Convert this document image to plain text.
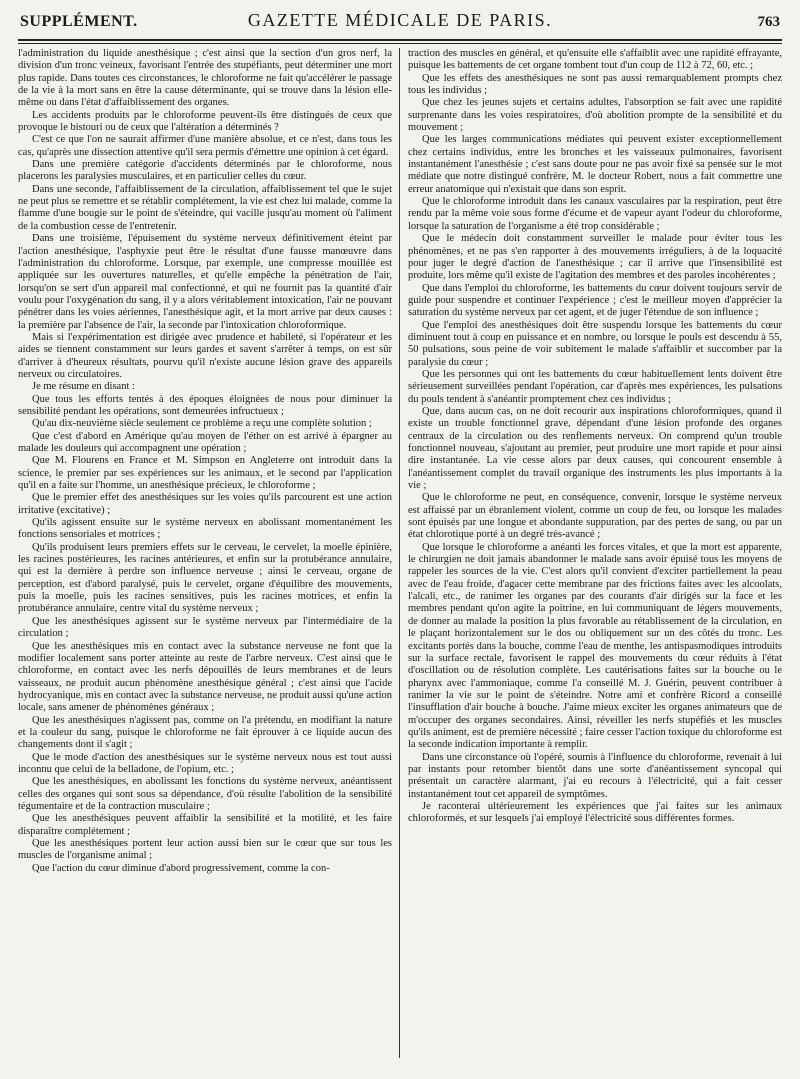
SUPPLÉMENT.	GAZETTE MÉDICALE DE PARIS.	763

l'administration du liquide anesthésique ; c'est ainsi que la section d'un gros nerf, la division d'un tronc veineux, favorisant l'entrée des stupéfiants, peut déterminer une mort plus rapide. Dans toutes ces circonstances, le chloroforme ne fait qu'accélérer le passage de la vie à la mort sans en être la cause déterminante, qui se trouve dans la lésion elle-même ou dans l'état d'affaiblissement des organes.

Les accidents produits par le chloroforme peuvent-ils être distingués de ceux que provoque le bistouri ou de ceux que l'altération a déterminés ?

C'est ce que l'on ne saurait affirmer d'une manière absolue, et ce n'est, dans tous les cas, qu'après une dissection attentive qu'il sera permis d'émettre une opinion à cet égard.

Dans une première catégorie d'accidents déterminés par le chloroforme, nous placerons les paralysies musculaires, et en particulier celles du cœur.

Dans une seconde, l'affaiblissement de la circulation, affaiblissement tel que le sujet ne peut plus se remettre et se rétablir complétement, la vie est chez lui malade, comme la flamme d'une bougie sur le point de s'éteindre, qui vacille jusqu'au moment où l'aliment de la combustion cesse de l'entretenir.

Dans une troisième, l'épuisement du système nerveux définitivement éteint par l'action anesthésique, l'asphyxie peut être le résultat d'une fausse manœuvre dans l'administration du chloroforme. Lorsque, par exemple, une compresse mouillée est appliquée sur les ouvertures naturelles, et qu'elle empêche la pénétration de l'air, lorsqu'on se sert d'un appareil mal confectionné, et qui ne fournit pas la quantité d'air voulu pour l'oxygénation du sang, il y a alors véritablement intoxication, l'air ne pouvant pénétrer dans les voies aériennes, l'anesthésique agit, et la mort arrive par deux causes : la première par l'absence de l'air, la seconde par l'intoxication chloroformique.

Mais si l'expérimentation est dirigée avec prudence et habileté, si l'opérateur et les aides se tiennent constamment sur leurs gardes et savent s'arrêter à temps, on est sûr d'arriver à d'heureux résultats, pourvu qu'il n'existe aucune lésion grave des appareils nerveux ou circulatoires.

Je me résume en disant :

Que tous les efforts tentés à des époques éloignées de nous pour diminuer la sensibilité pendant les opérations, sont demeurées infructueux ;

Qu'au dix-neuvième siècle seulement ce problème a reçu une complète solution ;

Que c'est d'abord en Amérique qu'au moyen de l'éther on est arrivé à épargner au malade les douleurs qui accompagnent une opération ;

Que M. Flourens en France et M. Simpson en Angleterre ont introduit dans la science, le premier par ses expériences sur les animaux, et le second par l'application qu'il en a faite sur l'homme, un anesthésique précieux, le chloroforme ;

Que le premier effet des anesthésiques sur les voies qu'ils parcourent est une action irritative (excitative) ;

Qu'ils agissent ensuite sur le système nerveux en abolissant momentanément les fonctions sensoriales et motrices ;

Qu'ils produisent leurs premiers effets sur le cerveau, le cervelet, la moelle épinière, les racines postérieures, les racines antérieures, et enfin sur la protubérance annulaire, qui est la dernière à perdre son influence nerveuse ; ainsi le cerveau, organe de perception, est d'abord paralysé, puis le cervelet, organe d'équilibre des mouvements, puis la moelle, puis les racines sensitives, puis les racines motrices, et enfin la protubérance annulaire, centre vital du système nerveux ;

Que les anesthésiques agissent sur le système nerveux par l'intermédiaire de la circulation ;

Que les anesthésiques mis en contact avec la substance nerveuse ne font que la modifier localement sans porter atteinte au reste de l'arbre nerveux. C'est ainsi que le chloroforme, en contact avec les nerfs dépouillés de leurs membranes et de leurs vaisseaux, ne produit aucun phénomène anesthésique général ; c'est ainsi que l'acide hydrocyanique, mis en contact avec la substance nerveuse, ne produit aussi qu'une action locale, sans amener de phénomènes généraux ;

Que les anesthésiques n'agissent pas, comme on l'a prétendu, en modifiant la nature et la couleur du sang, puisque le chloroforme ne fait éprouver à ce liquide aucun des changements dont il s'agit ;

Que le mode d'action des anesthésiques sur le système nerveux nous est tout aussi inconnu que celui de la belladone, de l'opium, etc. ;

Que les anesthésiques, en abolissant les fonctions du système nerveux, anéantissent celles des organes qui sont sous sa dépendance, d'où résulte l'abolition de la sensibilité tégumentaire et de la contraction musculaire ;

Que les anesthésiques peuvent affaiblir la sensibilité et la motilité, et les faire disparaître complétement ;

Que les anesthésiques portent leur action aussi bien sur le cœur que sur tous les muscles de l'organisme animal ;

Que l'action du cœur diminue d'abord progressivement, comme la con-

traction des muscles en général, et qu'ensuite elle s'affaiblit avec une rapidité effrayante, puisque les battements de cet organe tombent tout d'un coup de 112 à 72, 60, etc. ;

Que les effets des anesthésiques ne sont pas aussi remarquablement prompts chez tous les individus ;

Que chez les jeunes sujets et certains adultes, l'absorption se fait avec une rapidité surprenante dans les voies respiratoires, d'où abolition prompte de la sensibilité et du mouvement ;

Que les larges communications médiates qui peuvent exister exceptionnellement chez certains individus, entre les bronches et les vaisseaux pulmonaires, favorisent instantanément l'anesthésie ; c'est sans doute pour ne pas avoir fixé sa pensée sur le mot médiate que notre distingué confrère, M. le docteur Robert, nous a fait commettre une erreur anatomique qui n'existait que dans son esprit.

Que le chloroforme introduit dans les canaux vasculaires par la respiration, peut être rendu par la même voie sous forme d'écume et de vapeur ayant l'odeur du chloroforme, lorsque la saturation de l'organisme a été trop considérable ;

Que le médecin doit constamment surveiller le malade pour éviter tous les phénomènes, et ne pas s'en rapporter à des mouvements irréguliers, à de la loquacité pour juger le degré d'action de l'anesthésique ; car il arrive que l'insensibilité est produite, lors même qu'il existe de l'agitation des membres et des paroles incohérentes ;

Que dans l'emploi du chloroforme, les battements du cœur doivent toujours servir de guide pour suspendre et continuer l'expérience ; c'est le meilleur moyen d'apprécier la saturation du système nerveux par cet agent, et de juger l'étendue de son influence ;

Que l'emploi des anesthésiques doit être suspendu lorsque les battements du cœur diminuent tout à coup en puissance et en nombre, ou lorsque le pouls est descendu à 55, 50 pulsations, sous peine de voir subitement le malade s'affaiblir et succomber par la paralysie du cœur ;

Que les personnes qui ont les battements du cœur habituellement lents doivent être sérieusement surveillées pendant l'opération, car d'après mes expériences, les pulsations du pouls tendent à s'anéantir promptement chez ces individus ;

Que, dans aucun cas, on ne doit recourir aux inspirations chloroformiques, quand il existe un trouble fonctionnel grave, dépendant d'une lésion profonde des organes centraux de la circulation ou des renflements nerveux. On comprend qu'un trouble fonctionnel nouveau, s'ajoutant au premier, peut produire une mort rapide et pour ainsi dire instantanée. La vie cesse alors par deux causes, qui concourent ensemble à l'anéantissement complet du travail organique des instruments les plus importants à la vie ;

Que le chloroforme ne peut, en conséquence, convenir, lorsque le système nerveux est affaissé par un ébranlement violent, comme un coup de feu, ou lorsque les malades sont épuisés par une longue et abondante suppuration, par des pertes de sang, ou par un état chlorotique porté à un degré très-avancé ;

Que lorsque le chloroforme a anéanti les forces vitales, et que la mort est apparente, le chirurgien ne doit jamais abandonner le malade sans avoir épuisé tous les moyens de rappeler les sources de la vie. C'est alors qu'il convient d'exciter partiellement la peau avec de l'eau froide, d'agacer cette membrane par des frictions faites avec les alcoolats, l'alcali, etc., de ranimer les organes par des courants d'air dirigés sur la face et les membres pendant qu'on agite la poitrine, en lui communiquant de légers mouvements, de donner au malade la position la plus favorable au rétablissement de la circulation, en le plaçant horizontalement sur le dos ou obliquement sur un des côtés du tronc. Les excitants portés dans la bouche, comme l'eau de menthe, les antispasmodiques introduits sur la surface rectale, favorisent le rappel des mouvements du cœur réduits à l'état d'oscillation ou de résolution complète. Les cautérisations faites sur la bouche ou le pharynx avec l'ammoniaque, comme l'a conseillé M. J. Guérin, peuvent contribuer à ranimer la vie sur le point de s'éteindre. Notre ami et confrère Ricord a conseillé l'insufflation d'air bouche à bouche. J'aime mieux exciter les organes animateurs que de m'occuper des organes secondaires. Ainsi, réveiller les nerfs stupéfiés et les muscles qu'ils animent, est de première nécessité ; faire cesser l'action toxique du chloroforme est la seconde indication importante à remplir.

Dans une circonstance où l'opéré, soumis à l'influence du chloroforme, revenait à lui par instants pour retomber bientôt dans une sorte d'anéantissement syncopal qui présentait un caractère alarmant, j'ai eu recours à l'électricité, qui a fait cesser instantanément tout cet appareil de symptômes.

Je raconterai ultérieurement les expériences que j'ai faites sur les animaux chloroformés, et sur lesquels j'ai employé l'électricité sous différentes formes.
